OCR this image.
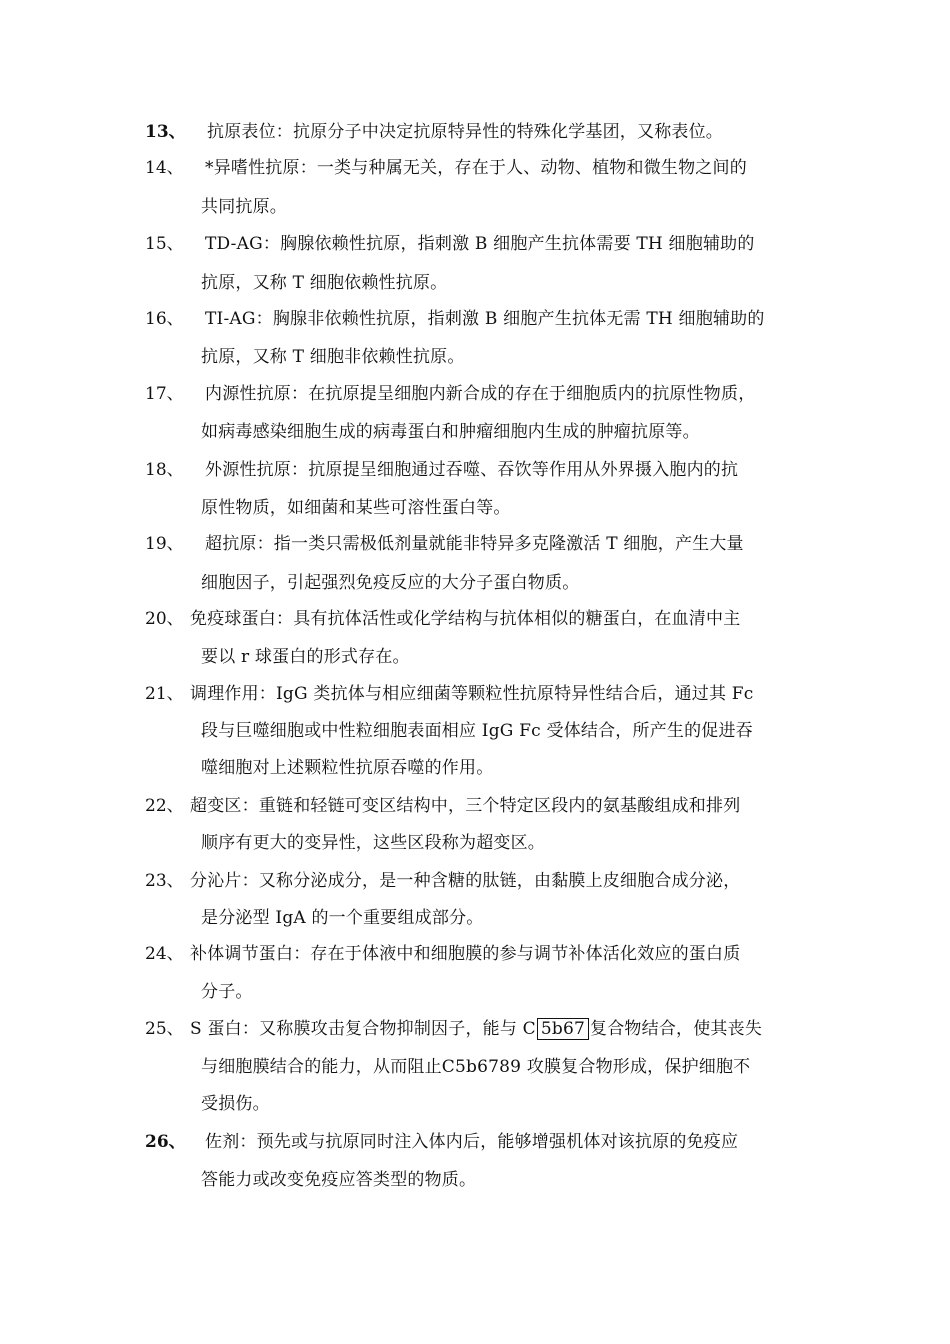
13、 抗原表位：抗原分子中决定抗原特异性的特殊化学基团，又称表位。
14、 *异嗜性抗原：一类与种属无关，存在于人、动物、植物和微生物之间的
共同抗原。
15、 TD-AG：胸腺依赖性抗原，指刺激 B 细胞产生抗体需要 TH 细胞辅助的
抗原，又称 T 细胞依赖性抗原。
16、 TI-AG：胸腺非依赖性抗原，指刺激 B 细胞产生抗体无需 TH 细胞辅助的
抗原，又称 T 细胞非依赖性抗原。
17、 内源性抗原：在抗原提呈细胞内新合成的存在于细胞质内的抗原性物质，
如病毒感染细胞生成的病毒蛋白和肿瘤细胞内生成的肿瘤抗原等。
18、 外源性抗原：抗原提呈细胞通过吞噬、吞饮等作用从外界摄入胞内的抗
原性物质，如细菌和某些可溶性蛋白等。
19、 超抗原：指一类只需极低剂量就能非特异多克隆激活 T 细胞，产生大量
细胞因子，引起强烈免疫反应的大分子蛋白物质。
20、 免疫球蛋白：具有抗体活性或化学结构与抗体相似的糖蛋白，在血清中主
要以 r 球蛋白的形式存在。
21、 调理作用：IgG 类抗体与相应细菌等颗粒性抗原特异性结合后，通过其 Fc
段与巨噬细胞或中性粒细胞表面相应 IgG Fc 受体结合，所产生的促进吞
噬细胞对上述颗粒性抗原吞噬的作用。
22、 超变区：重链和轻链可变区结构中，三个特定区段内的氨基酸组成和排列
顺序有更大的变异性，这些区段称为超变区。
23、 分沁片：又称分泌成分，是一种含糖的肽链，由黏膜上皮细胞合成分泌，
是分泌型 IgA 的一个重要组成部分。
24、 补体调节蛋白：存在于体液中和细胞膜的参与调节补体活化效应的蛋白质
分子。
25、 S 蛋白：又称膜攻击复合物抑制因子，能与 C 5b67 复合物结合，使其丧失
与细胞膜结合的能力，从而阻止C5b6789 攻膜复合物形成，保护细胞不
受损伤。
26、 佐剂：预先或与抗原同时注入体内后，能够增强机体对该抗原的免疫应
答能力或改变免疫应答类型的物质。
